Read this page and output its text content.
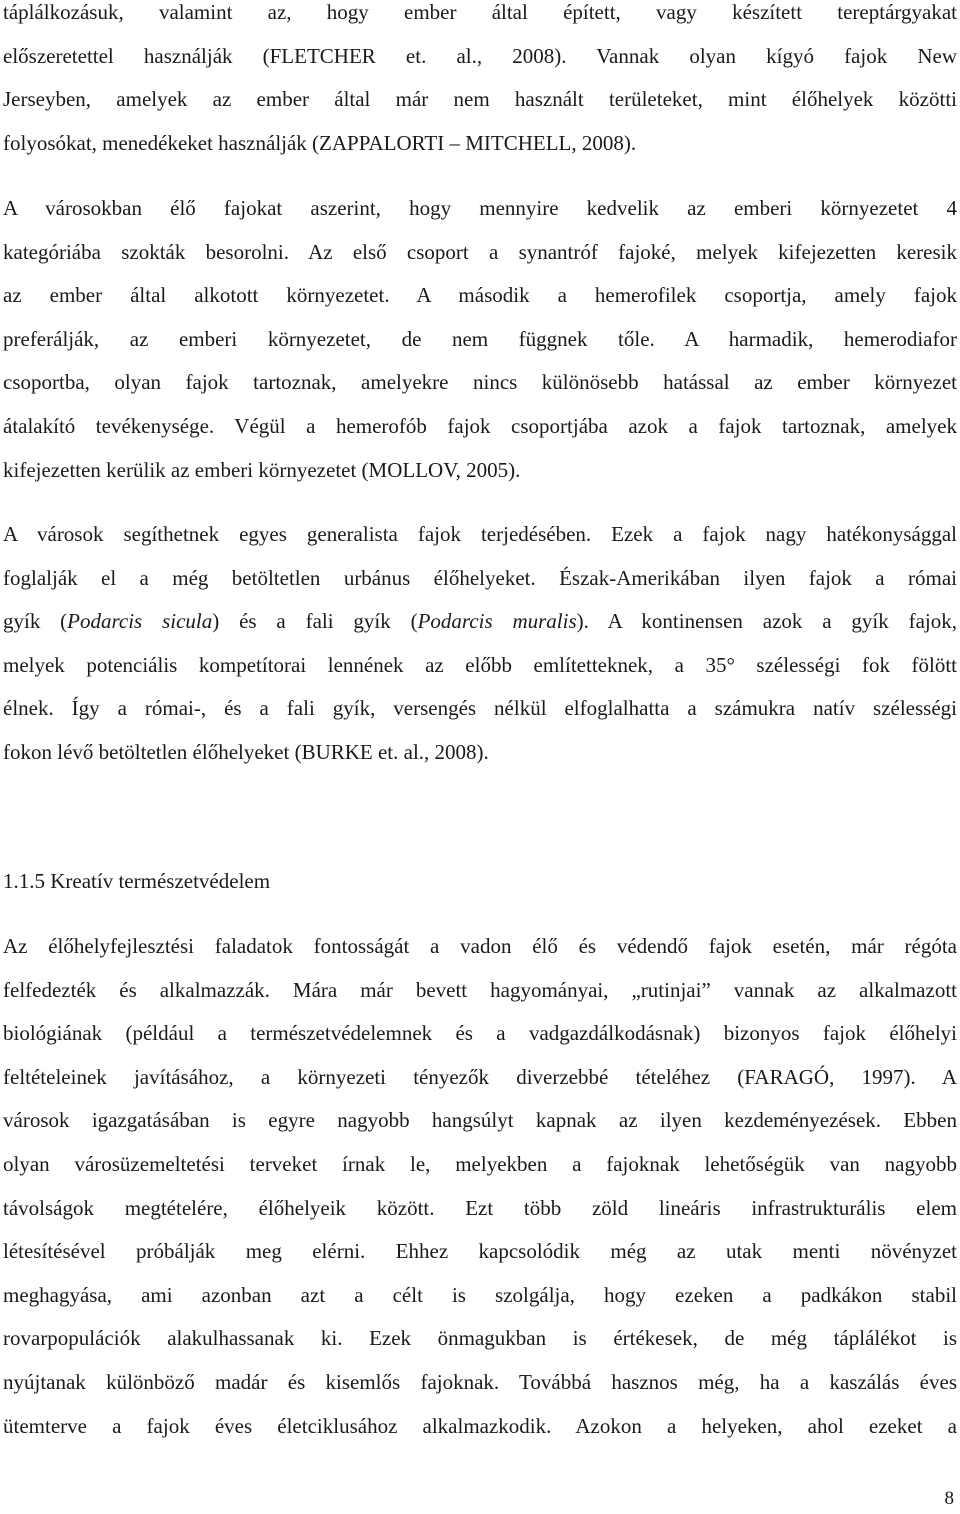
táplálkozásuk, valamint az, hogy ember által épített, vagy készített tereptárgyakat
előszeretettel használják (FLETCHER et. al., 2008). Vannak olyan kígyó fajok New
Jerseyben, amelyek az ember által már nem használt területeket, mint élőhelyek közötti
folyosókat, menedékeket használják (ZAPPALORTI – MITCHELL, 2008).

A városokban élő fajokat aszerint, hogy mennyire kedvelik az emberi környezetet 4
kategóriába szokták besorolni. Az első csoport a synantróf fajoké, melyek kifejezetten keresik
az ember által alkotott környezetet. A második a hemerofilek csoportja, amely fajok
preferálják, az emberi környezetet, de nem függnek tőle. A harmadik, hemerodiafor
csoportba, olyan fajok tartoznak, amelyekre nincs különösebb hatással az ember környezet
átalakító tevékenysége. Végül a hemerofób fajok csoportjába azok a fajok tartoznak, amelyek
kifejezetten kerülik az emberi környezetet (MOLLOV, 2005).

A városok segíthetnek egyes generalista fajok terjedésében. Ezek a fajok nagy hatékonysággal
foglalják el a még betöltetlen urbánus élőhelyeket. Észak-Amerikában ilyen fajok a római
gyík (Podarcis sicula) és a fali gyík (Podarcis muralis). A kontinensen azok a gyík fajok,
melyek potenciális kompetítorai lennének az előbb említetteknek, a 35° szélességi fok fölött
élnek. Így a római-, és a fali gyík, versengés nélkül elfoglalhatta a számukra natív szélességi
fokon lévő betöltetlen élőhelyeket (BURKE et. al., 2008).

1.1.5 Kreatív természetvédelem

Az élőhelyfejlesztési faladatok fontosságát a vadon élő és védendő fajok esetén, már régóta
felfedezték és alkalmazzák. Mára már bevett hagyományai, „rutinjai” vannak az alkalmazott
biológiának (például a természetvédelemnek és a vadgazdálkodásnak) bizonyos fajok élőhelyi
feltételeinek javításához, a környezeti tényezők diverzebbé tételéhez (FARAGÓ, 1997). A
városok igazgatásában is egyre nagyobb hangsúlyt kapnak az ilyen kezdeményezések. Ebben
olyan városüzemeltetési terveket írnak le, melyekben a fajoknak lehetőségük van nagyobb
távolságok megtételére, élőhelyeik között. Ezt több zöld lineáris infrastrukturális elem
létesítésével próbálják meg elérni. Ehhez kapcsolódik még az utak menti növényzet
meghagyása, ami azonban azt a célt is szolgálja, hogy ezeken a padkákon stabil
rovarpopulációk alakulhassanak ki. Ezek önmagukban is értékesek, de még táplálékot is
nyújtanak különböző madár és kisemlős fajoknak. Továbbá hasznos még, ha a kaszálás éves
ütemterve a fajok éves életciklusához alkalmazkodik. Azokon a helyeken, ahol ezeket a

8
